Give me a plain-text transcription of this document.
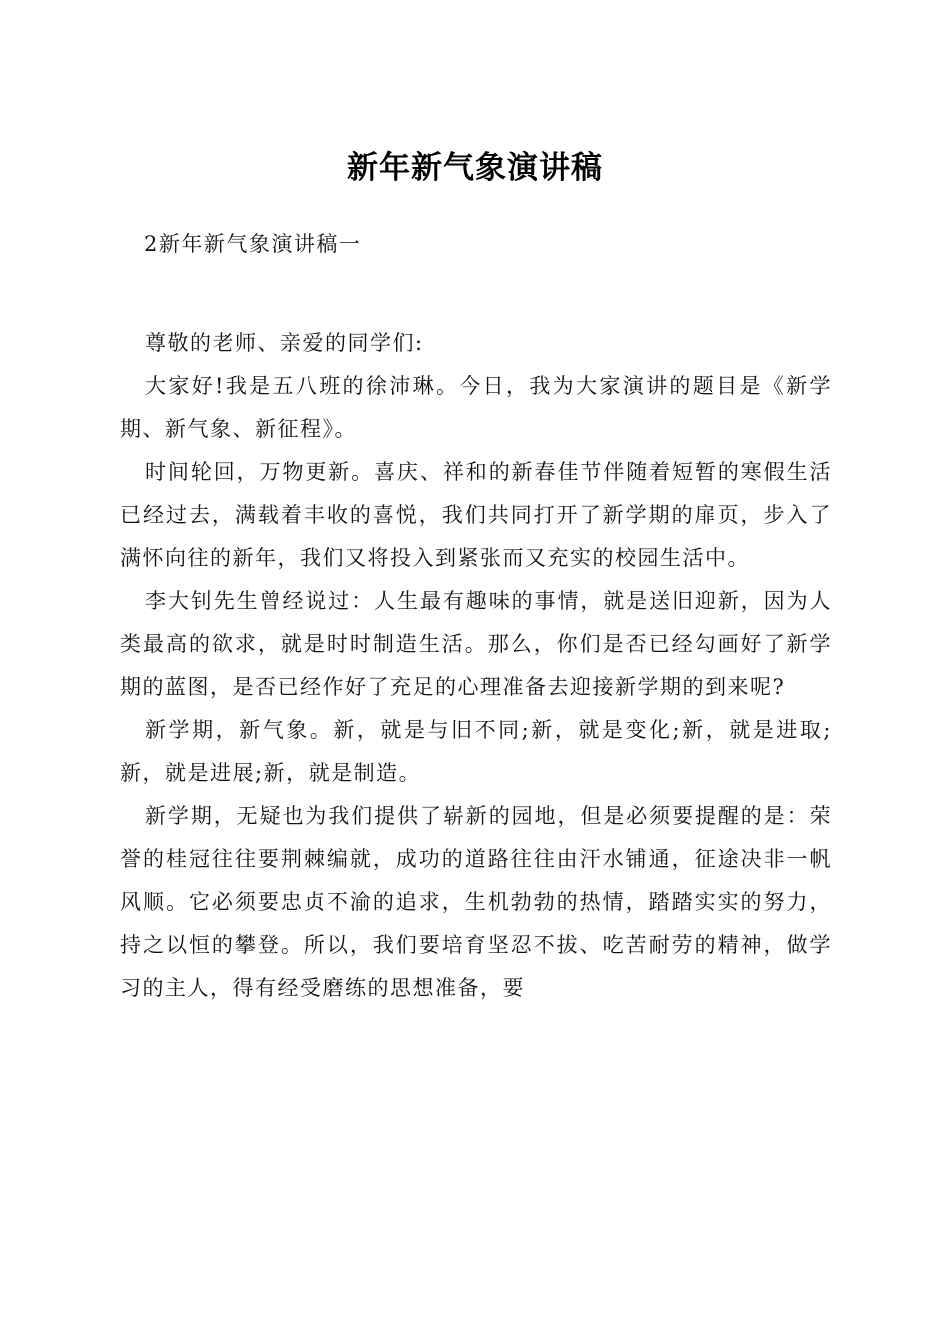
新年新气象演讲稿
2新年新气象演讲稿一

尊敬的老师、亲爱的同学们:

大家好!我是五八班的徐沛琳。今日，我为大家演讲的题目是《新学期、新气象、新征程》。

时间轮回，万物更新。喜庆、祥和的新春佳节伴随着短暂的寒假生活已经过去，满载着丰收的喜悦，我们共同打开了新学期的扉页，步入了满怀向往的新年，我们又将投入到紧张而又充实的校园生活中。

李大钊先生曾经说过：人生最有趣味的事情，就是送旧迎新，因为人类最高的欲求，就是时时制造生活。那么，你们是否已经勾画好了新学期的蓝图，是否已经作好了充足的心理准备去迎接新学期的到来呢?

新学期，新气象。新，就是与旧不同;新，就是变化;新，就是进取;新，就是进展;新，就是制造。

新学期，无疑也为我们提供了崭新的园地，但是必须要提醒的是：荣誉的桂冠往往要荆棘编就，成功的道路往往由汗水铺通，征途决非一帆风顺。它必须要忠贞不渝的追求，生机勃勃的热情，踏踏实实的努力，持之以恒的攀登。所以，我们要培育坚忍不拔、吃苦耐劳的精神，做学习的主人，得有经受磨练的思想准备，要
